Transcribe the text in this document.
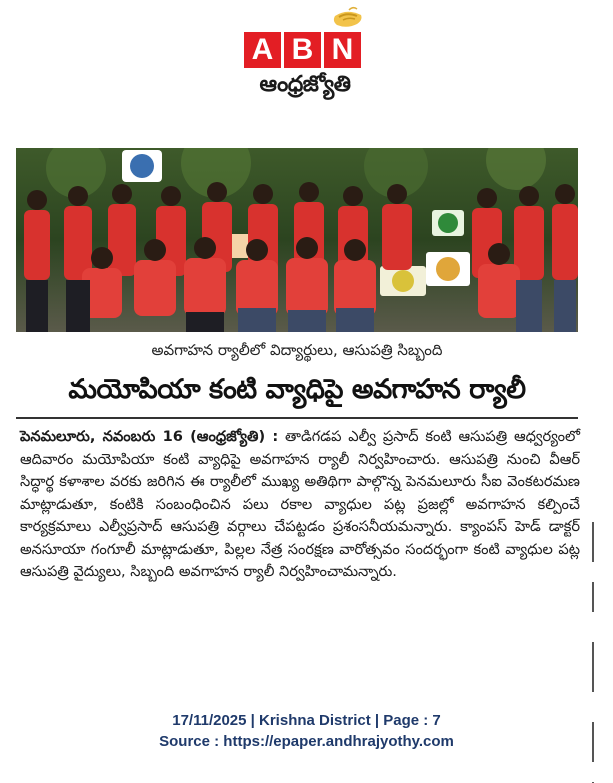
A B N
ఆంధ్రజ్యోతి
అవగాహన ర్యాలీలో విద్యార్థులు, ఆసుపత్రి సిబ్బంది
మయోపియా కంటి వ్యాధిపై అవగాహన ర్యాలీ
పెనమలూరు, నవంబరు 16 (ఆంధ్రజ్యోతి) : తాడిగడప ఎల్వీ ప్రసాద్ కంటి ఆసుపత్రి ఆధ్వర్యంలో ఆదివారం మయోపియా కంటి వ్యాధిపై అవగాహన ర్యాలీ నిర్వహించారు. ఆసుపత్రి నుంచి వీఆర్ సిద్ధార్థ కళాశాల వరకు జరిగిన ఈ ర్యాలీలో ముఖ్య అతిథిగా పాల్గొన్న పెనమలూరు సీఐ వెంకటరమణ మాట్లాడుతూ, కంటికి సంబంధించిన పలు రకాల వ్యాధుల పట్ల ప్రజల్లో అవగాహన కల్పించే కార్యక్రమాలు ఎల్వీప్రసాద్ ఆసుపత్రి వర్గాలు చేపట్టడం ప్రశంసనీయమన్నారు. క్యాంపస్ హెడ్ డాక్టర్ అనసూయా గంగూలీ మాట్లాడుతూ, పిల్లల నేత్ర సంరక్షణ వారోత్సవం సందర్భంగా కంటి వ్యాధుల పట్ల ఆసుపత్రి వైద్యులు, సిబ్బంది అవగాహన ర్యాలీ నిర్వహించామన్నారు.
17/11/2025 | Krishna District | Page : 7
Source : https://epaper.andhrajyothy.com
